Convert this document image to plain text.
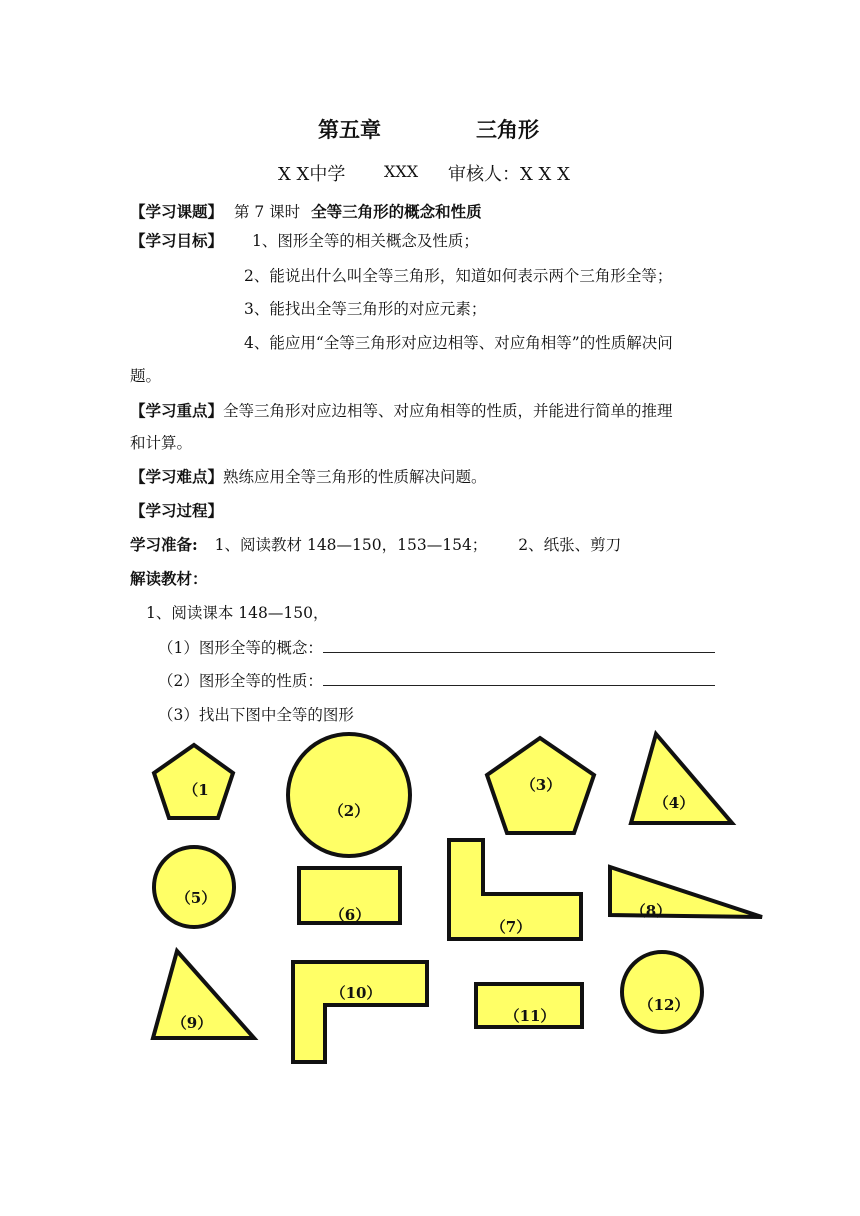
第五章	三角形
X X中学 XXX 审核人：X X X
【学习课题】 第 7 课时 全等三角形的概念和性质
【学习目标】 1、图形全等的相关概念及性质；
2、能说出什么叫全等三角形，知道如何表示两个三角形全等；
3、能找出全等三角形的对应元素；
4、能应用“全等三角形对应边相等、对应角相等”的性质解决问
题。
【学习重点】全等三角形对应边相等、对应角相等的性质，并能进行简单的推理
和计算。
【学习难点】熟练应用全等三角形的性质解决问题。
【学习过程】
学习准备: 1、阅读教材 148—150，153—154； 2、纸张、剪刀
解读教材：
1、阅读课本 148—150，
（1）图形全等的概念：
（2）图形全等的性质：
（3）找出下图中全等的图形
（1
（2）
（3）
（4）
（5）
（6）
（7）
（8）
（9）
（10）
（11）
（12）
